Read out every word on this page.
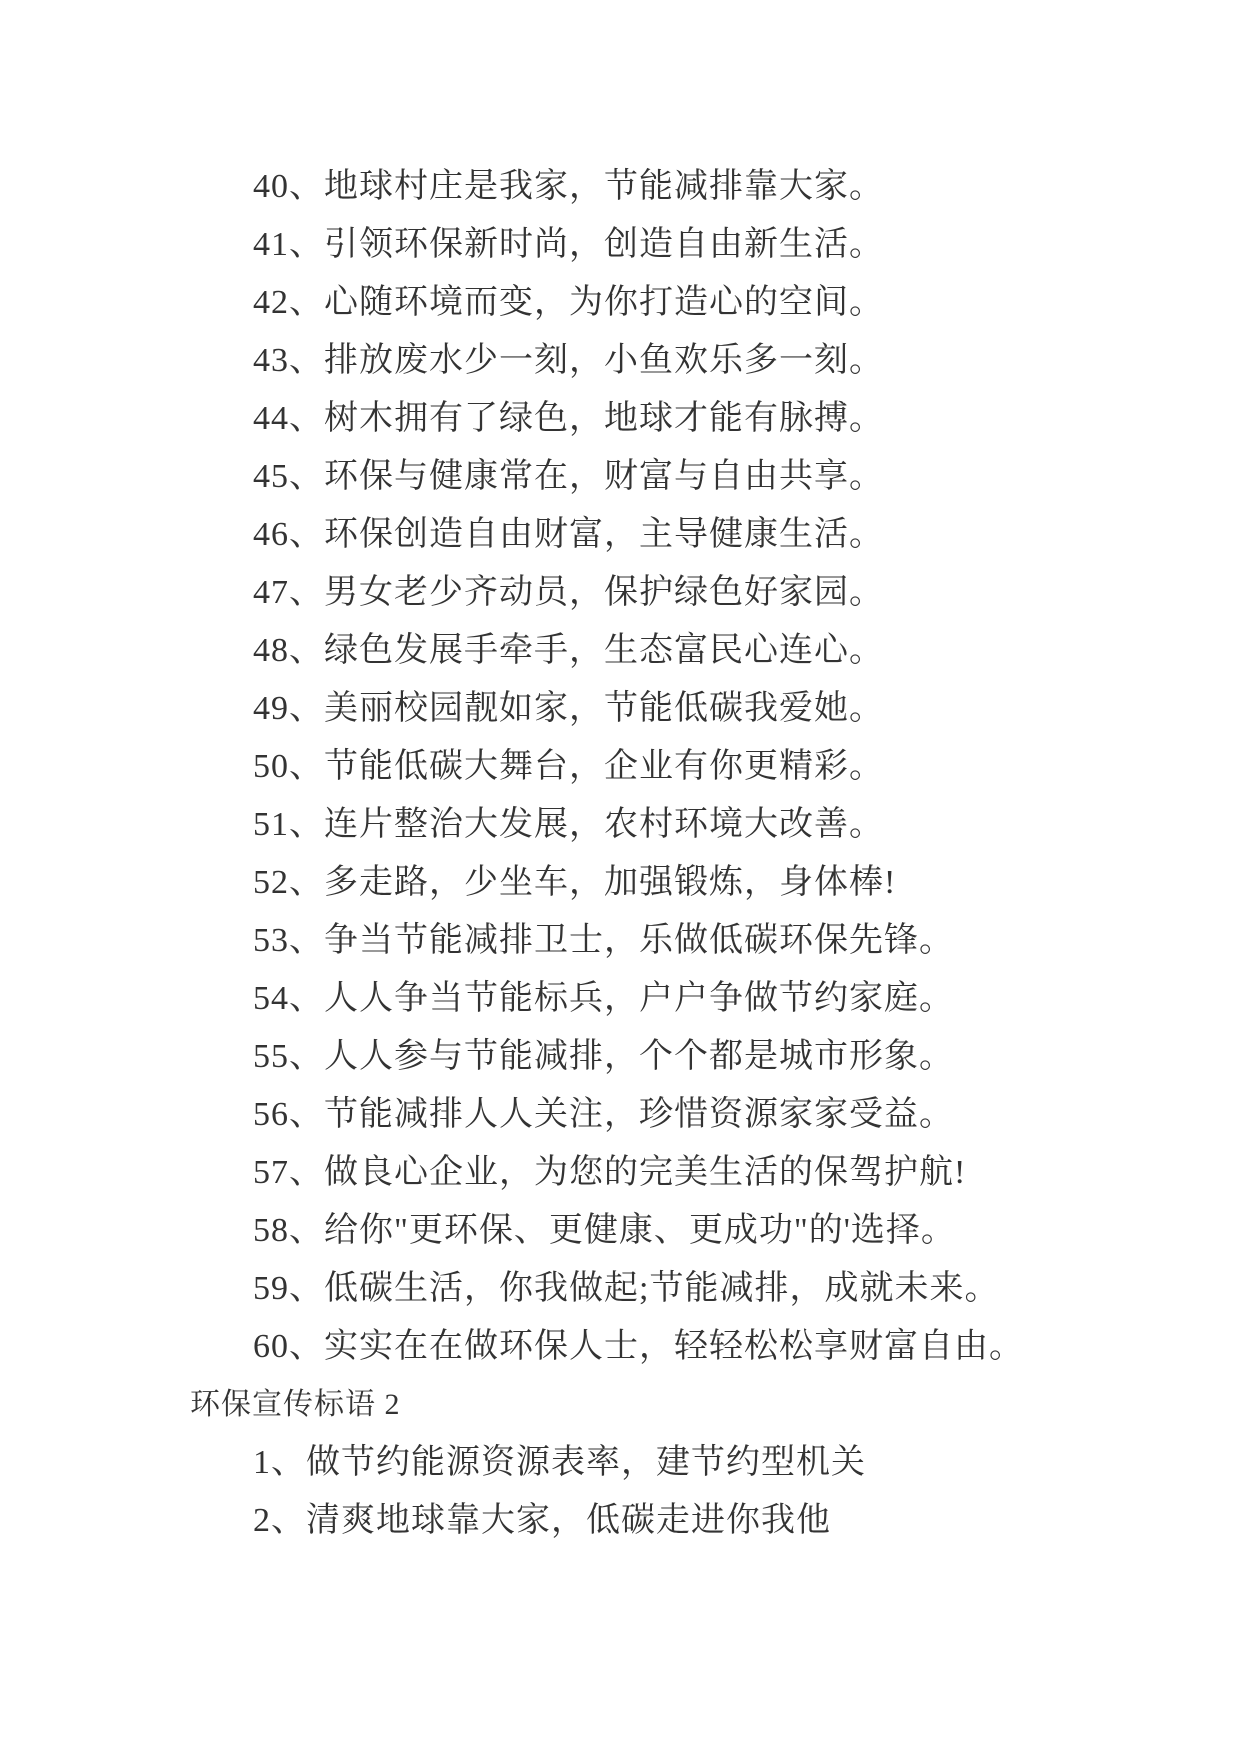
40、地球村庄是我家，节能减排靠大家。
41、引领环保新时尚，创造自由新生活。
42、心随环境而变，为你打造心的空间。
43、排放废水少一刻，小鱼欢乐多一刻。
44、树木拥有了绿色，地球才能有脉搏。
45、环保与健康常在，财富与自由共享。
46、环保创造自由财富，主导健康生活。
47、男女老少齐动员，保护绿色好家园。
48、绿色发展手牵手，生态富民心连心。
49、美丽校园靓如家，节能低碳我爱她。
50、节能低碳大舞台，企业有你更精彩。
51、连片整治大发展，农村环境大改善。
52、多走路，少坐车，加强锻炼，身体棒!
53、争当节能减排卫士，乐做低碳环保先锋。
54、人人争当节能标兵，户户争做节约家庭。
55、人人参与节能减排，个个都是城市形象。
56、节能减排人人关注，珍惜资源家家受益。
57、做良心企业，为您的完美生活的保驾护航!
58、给你"更环保、更健康、更成功"的'选择。
59、低碳生活，你我做起;节能减排，成就未来。
60、实实在在做环保人士，轻轻松松享财富自由。
环保宣传标语 2
1、做节约能源资源表率，建节约型机关
2、清爽地球靠大家，低碳走进你我他
